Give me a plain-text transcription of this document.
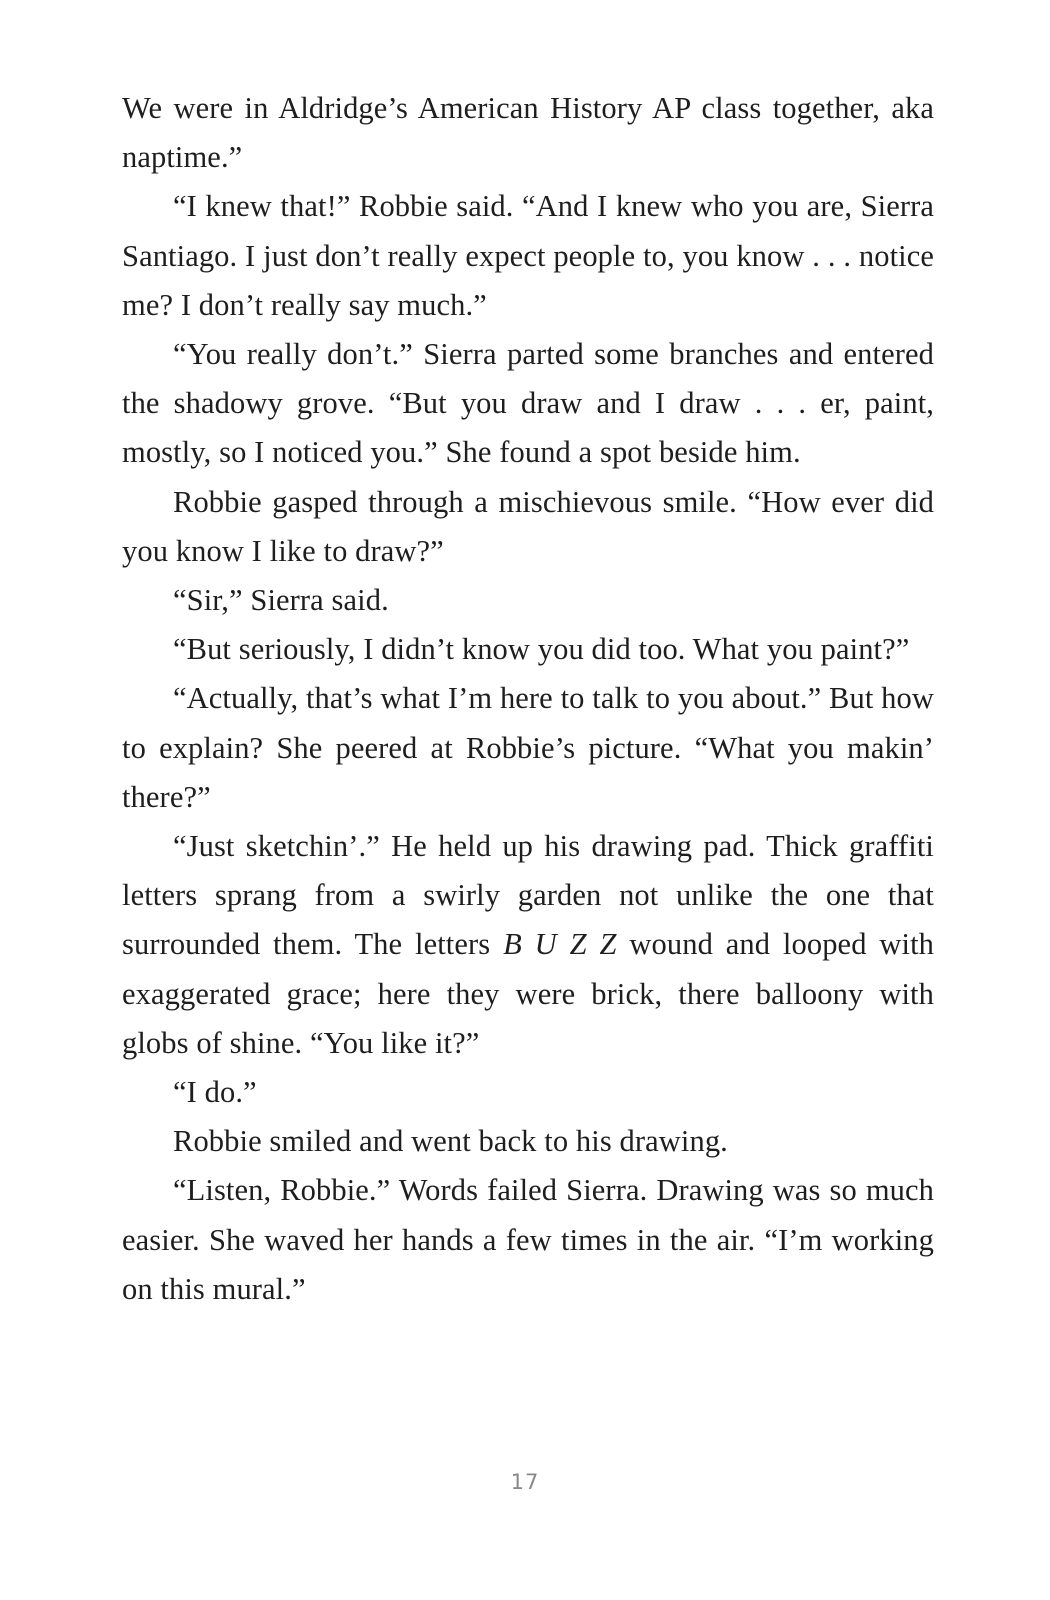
We were in Aldridge’s American History AP class together, aka naptime.”

“I knew that!” Robbie said. “And I knew who you are, Sierra Santiago. I just don’t really expect people to, you know . . . notice me? I don’t really say much.”

“You really don’t.” Sierra parted some branches and entered the shadowy grove. “But you draw and I draw . . . er, paint, mostly, so I noticed you.” She found a spot beside him.

Robbie gasped through a mischievous smile. “How ever did you know I like to draw?”

“Sir,” Sierra said.

“But seriously, I didn’t know you did too. What you paint?”

“Actually, that’s what I’m here to talk to you about.” But how to explain? She peered at Robbie’s picture. “What you makin’ there?”

“Just sketchin’.” He held up his drawing pad. Thick graffiti letters sprang from a swirly garden not unlike the one that surrounded them. The letters B U Z Z wound and looped with exaggerated grace; here they were brick, there balloony with globs of shine. “You like it?”

“I do.”

Robbie smiled and went back to his drawing.

“Listen, Robbie.” Words failed Sierra. Drawing was so much easier. She waved her hands a few times in the air. “I’m working on this mural.”

17
